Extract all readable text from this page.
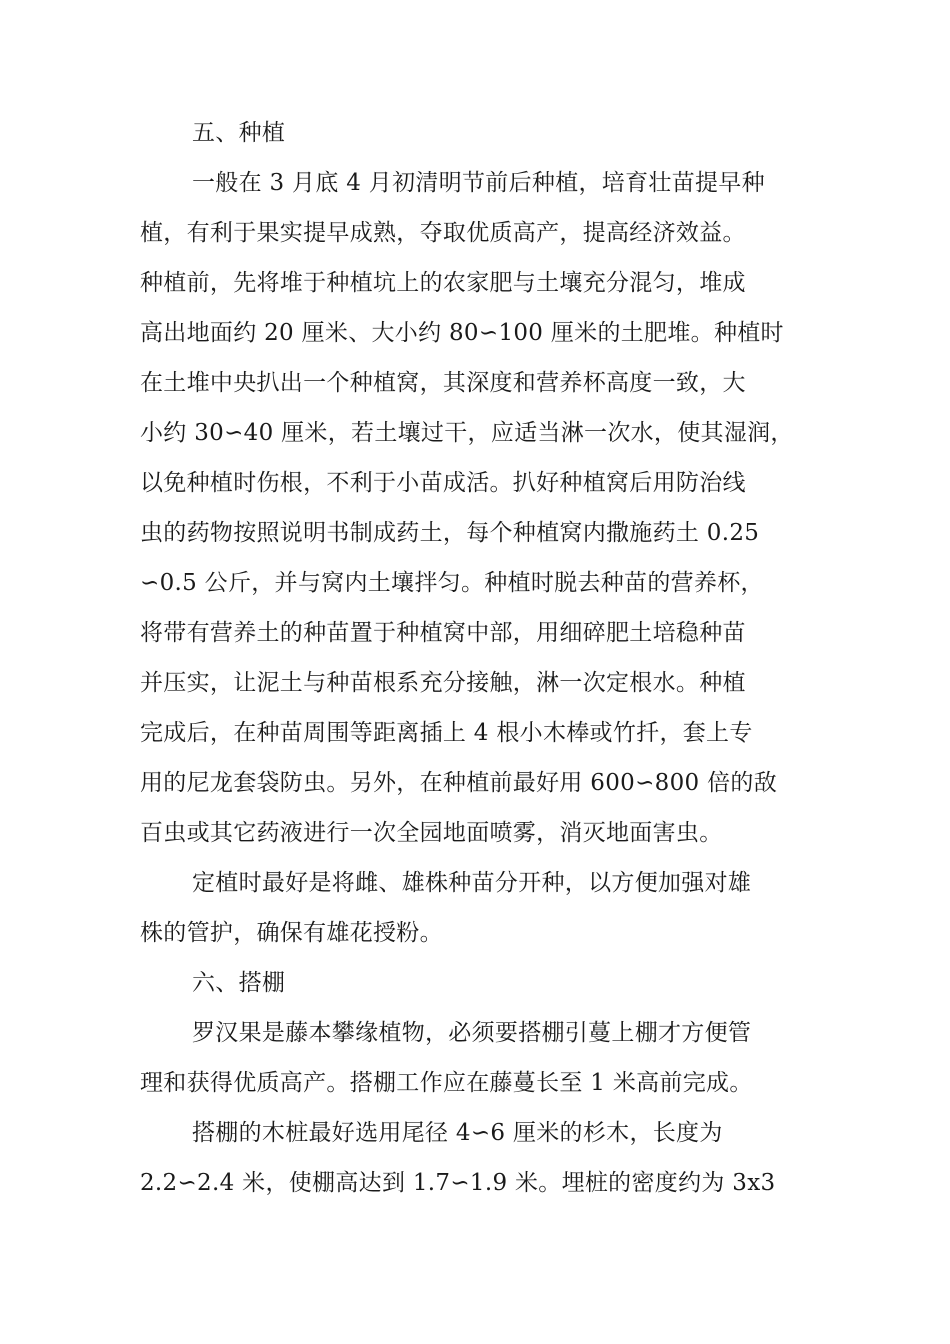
五、种植
一般在 3 月底 4 月初清明节前后种植，培育壮苗提早种
植，有利于果实提早成熟，夺取优质高产，提高经济效益。
种植前，先将堆于种植坑上的农家肥与土壤充分混匀，堆成
高出地面约 20 厘米、大小约 80∽100 厘米的土肥堆。种植时
在土堆中央扒出一个种植窝，其深度和营养杯高度一致，大
小约 30∽40 厘米，若土壤过干，应适当淋一次水，使其湿润，
以免种植时伤根，不利于小苗成活。扒好种植窝后用防治线
虫的药物按照说明书制成药土，每个种植窝内撒施药土 0.25
∽0.5 公斤，并与窝内土壤拌匀。种植时脱去种苗的营养杯，
将带有营养土的种苗置于种植窝中部，用细碎肥土培稳种苗
并压实，让泥土与种苗根系充分接触，淋一次定根水。种植
完成后，在种苗周围等距离插上 4 根小木棒或竹扦，套上专
用的尼龙套袋防虫。另外，在种植前最好用 600∽800 倍的敌
百虫或其它药液进行一次全园地面喷雾，消灭地面害虫。
定植时最好是将雌、雄株种苗分开种，以方便加强对雄
株的管护，确保有雄花授粉。
六、搭棚
罗汉果是藤本攀缘植物，必须要搭棚引蔓上棚才方便管
理和获得优质高产。搭棚工作应在藤蔓长至 1 米高前完成。
搭棚的木桩最好选用尾径 4∽6 厘米的杉木，长度为
2.2∽2.4 米，使棚高达到 1.7∽1.9 米。埋桩的密度约为 3x3
